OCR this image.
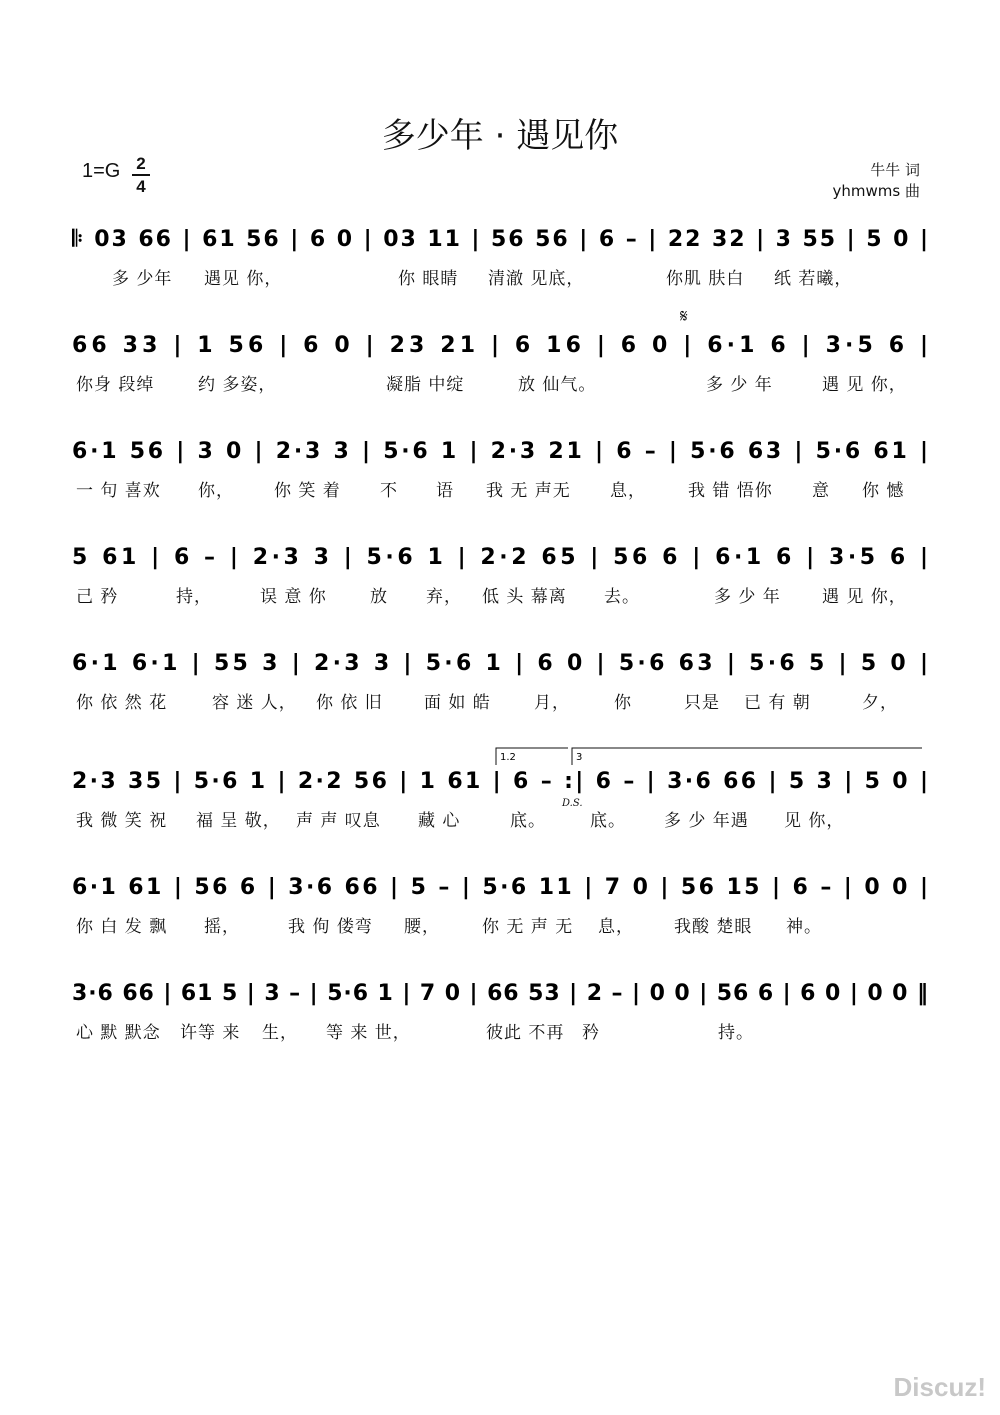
多少年 · 遇见你
1=G 2
4
牛牛 词
yhmwms 曲
𝄆 03 66 | 61 56 | 6 0 | 03 11 | 56 56 | 6 – | 22 32 | 3 55 | 5 0 |
多 少年 遇见 你，	你 眼睛 清澈 见底，	你肌 肤白 纸 若曦，
𝄋
66 33 | 1 56 | 6 0 | 23 21 | 6 16 | 6 0 | 6·1 6 | 3·5 6 |
你身 段绰	约 多姿，	凝脂 中绽	放 仙气。	多 少 年	遇 见 你，
6·1 56 | 3 0 | 2·3 3 | 5·6 1 | 2·3 21 | 6 – | 5·6 63 | 5·6 61 |
一 句 喜欢 你， 你 笑 着 不 语 我 无 声无 息， 我 错 悟你 意 你 憾
5 61 | 6 – | 2·3 3 | 5·6 1 | 2·2 65 | 56 6 | 6·1 6 | 3·5 6 |
己 矜	持，	误 意 你	放 弃， 低 头 幕离 去。	多 少 年 遇 见 你，
6·1 6·1 | 55 3 | 2·3 3 | 5·6 1 | 6 0 | 5·6 63 | 5·6 5 | 5 0 |
你 依 然 花	容 迷 人， 你 依 旧 面 如 皓	月，	你	只是 已 有 朝	夕，
1.2	3
2·3 35 | 5·6 1 | 2·2 56 | 1 61 | 6 – :| 6 – | 3·6 66 | 5 3 | 5 0 |
D.S.
我 微 笑 祝 福 呈 敬， 声 声 叹息 藏 心	底。	底。 多 少 年遇 见 你，
6·1 61 | 56 6 | 3·6 66 | 5 – | 5·6 11 | 7 0 | 56 15 | 6 – | 0 0 |
你 白 发 飘 摇，	我 佝 偻弯 腰， 你 无 声 无 息， 我酸 楚眼 神。
3·6 66 | 61 5 | 3 – | 5·6 1 | 7 0 | 66 53 | 2 – | 0 0 | 56 6 | 6 0 | 0 0 ‖
心 默 默念 许等 来 生， 等 来 世，	彼此 不再 矜	持。
Discuz!
